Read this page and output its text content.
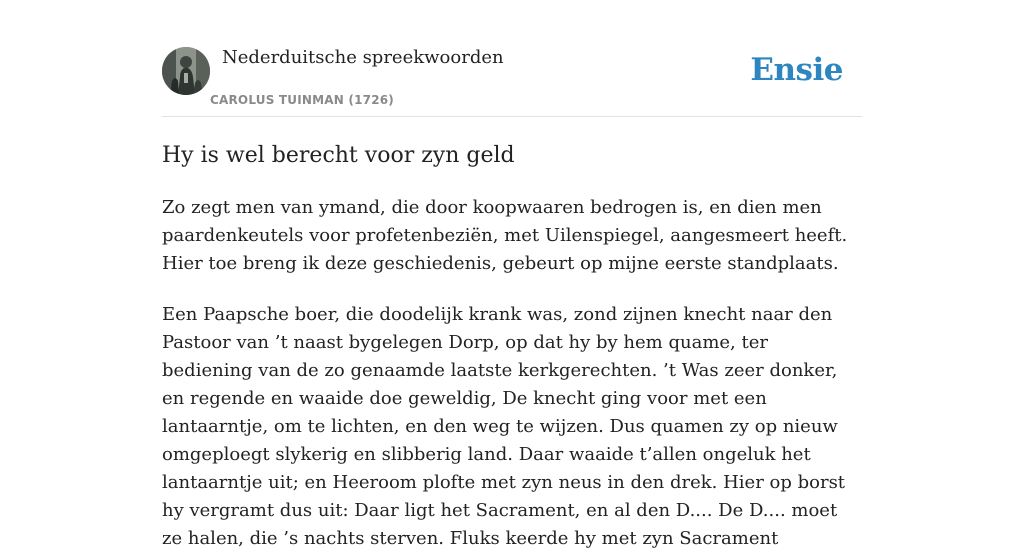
Nederduitsche spreekwoorden
CAROLUS TUINMAN (1726)
Ensie
Hy is wel berecht voor zyn geld

Zo zegt men van ymand, die door koopwaaren bedrogen is, en dien men paardenkeutels voor profetenbeziën, met Uilenspiegel, aangesmeert heeft. Hier toe breng ik deze geschiedenis, gebeurt op mijne eerste standplaats.

Een Paapsche boer, die doodelijk krank was, zond zijnen knecht naar den Pastoor van ’t naast bygelegen Dorp, op dat hy by hem quame, ter bediening van de zo genaamde laatste kerkgerechten. ’t Was zeer donker, en regende en waaide doe geweldig, De knecht ging voor met een lantaarntje, om te lichten, en den weg te wijzen. Dus quamen zy op nieuw omgeploegt slykerig en slibberig land. Daar waaide t’allen ongeluk het lantaarntje uit; en Heeroom plofte met zyn neus in den drek. Hier op borst hy vergramt dus uit: Daar ligt het Sacrament, en al den D.... De D.... moet ze halen, die ’s nachts sterven. Fluks keerde hy met zyn Sacrament
